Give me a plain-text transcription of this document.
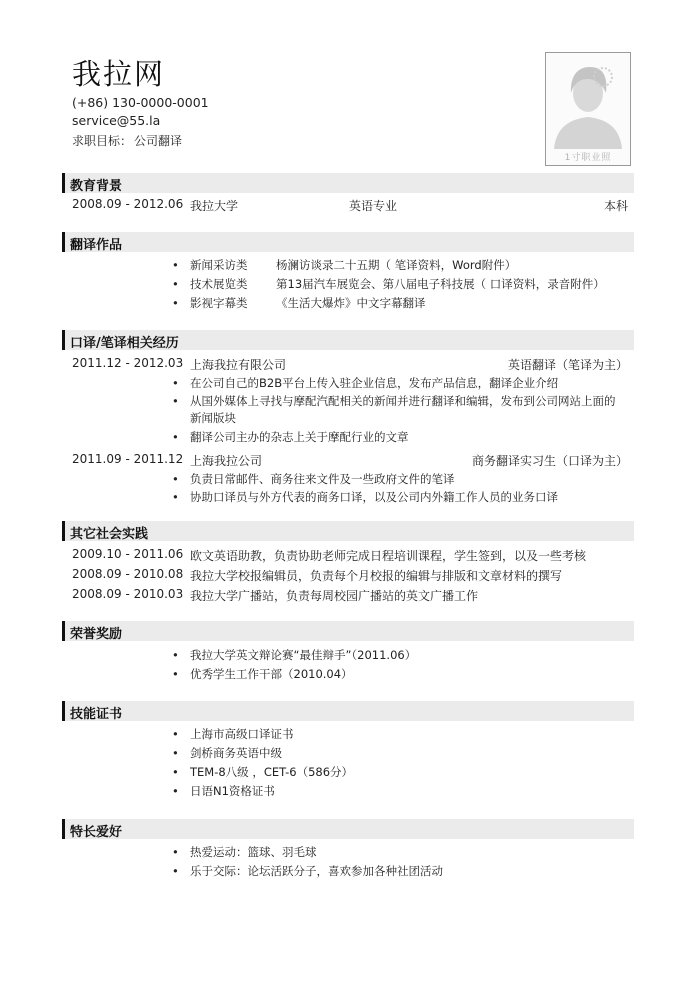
我拉网
(+86) 130-0000-0001
service@55.la
求职目标： 公司翻译
1寸职业照
教育背景
2008.09 - 2012.06 我拉大学	英语专业	本科
翻译作品
• 新闻采访类 杨澜访谈录二十五期（ 笔译资料，Word附件）
• 技术展览类 第13届汽车展览会、第八届电子科技展（ 口译资料，录音附件）
• 影视字幕类 《生活大爆炸》中文字幕翻译
口译/笔译相关经历
2011.12 - 2012.03 上海我拉有限公司	英语翻译（笔译为主）
• 在公司自己的B2B平台上传入驻企业信息，发布产品信息，翻译企业介绍
• 从国外媒体上寻找与摩配汽配相关的新闻并进行翻译和编辑，发布到公司网站上面的
新闻版块
• 翻译公司主办的杂志上关于摩配行业的文章
2011.09 - 2011.12 上海我拉公司	商务翻译实习生（口译为主）
• 负责日常邮件、商务往来文件及一些政府文件的笔译
• 协助口译员与外方代表的商务口译，以及公司内外籍工作人员的业务口译
其它社会实践
2009.10 - 2011.06 欧文英语助教，负责协助老师完成日程培训课程，学生签到，以及一些考核
2008.09 - 2010.08 我拉大学校报编辑员，负责每个月校报的编辑与排版和文章材料的撰写
2008.09 - 2010.03 我拉大学广播站，负责每周校园广播站的英文广播工作
荣誉奖励
• 我拉大学英文辩论赛“最佳辩手”（2011.06）
• 优秀学生工作干部（2010.04）
技能证书
• 上海市高级口译证书
• 剑桥商务英语中级
• TEM-8八级 ，CET-6（586分）
• 日语N1资格证书
特长爱好
• 热爱运动：篮球、羽毛球
• 乐于交际：论坛活跃分子，喜欢参加各种社团活动
